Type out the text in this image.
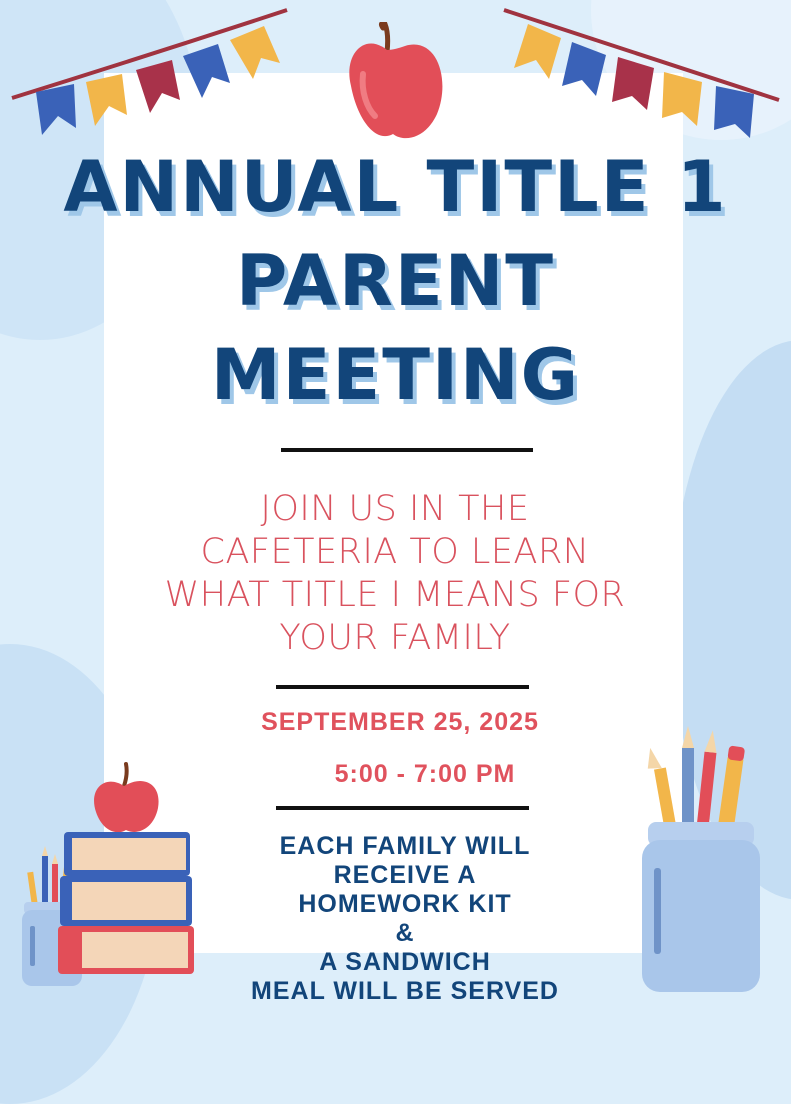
ANNUAL TITLE 1
PARENT
MEETING
JOIN US IN THE
CAFETERIA TO LEARN
WHAT TITLE I MEANS FOR
YOUR FAMILY
SEPTEMBER 25, 2025
5:00 - 7:00 PM
EACH FAMILY WILL
RECEIVE A
HOMEWORK KIT
&
A SANDWICH
MEAL WILL BE SERVED
